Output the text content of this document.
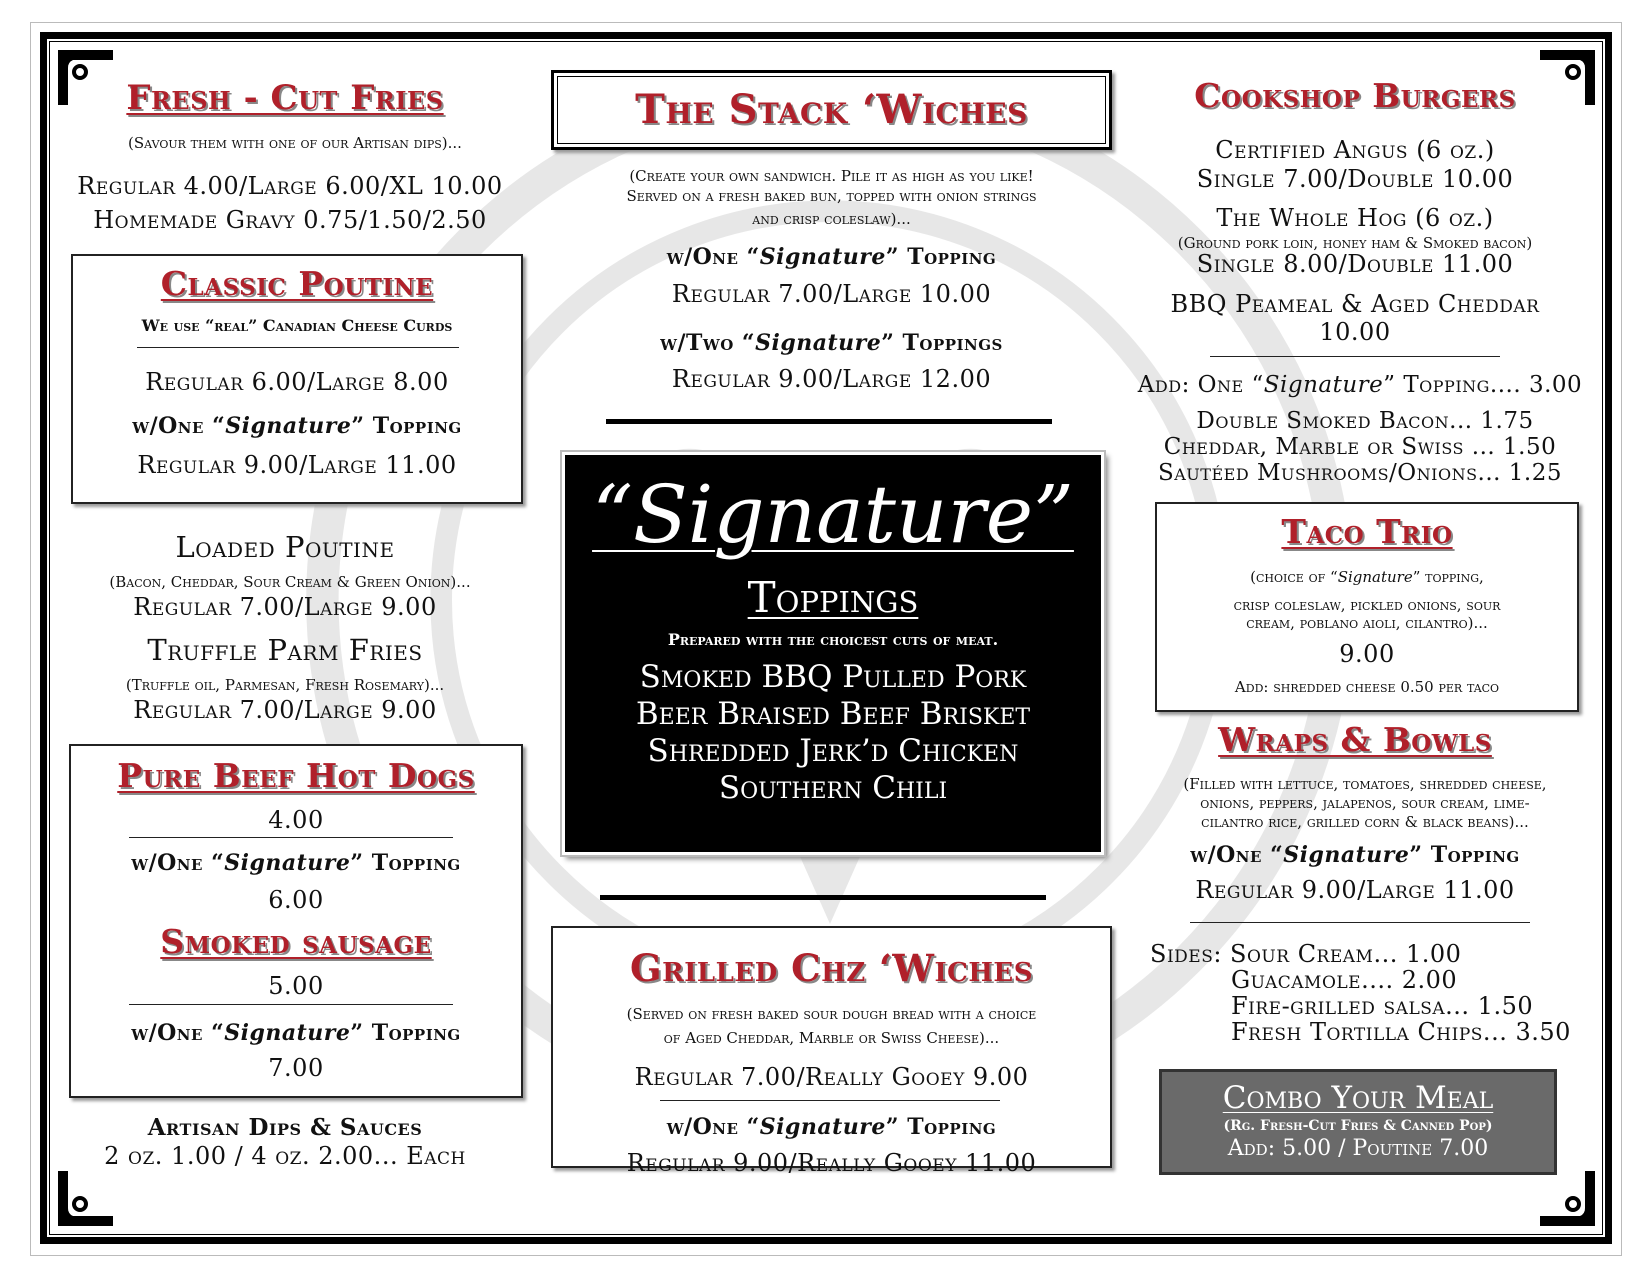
Fresh - Cut Fries
(Savour them with one of our Artisan dips)...
Regular 4.00/Large 6.00/XL 10.00
Homemade Gravy 0.75/1.50/2.50
Classic Poutine
We use “real” Canadian Cheese Curds
Regular 6.00/Large 8.00
w/One “Signature” Topping
Regular 9.00/Large 11.00
Loaded Poutine
(Bacon, Cheddar, Sour Cream & Green Onion)...
Regular 7.00/Large 9.00
Truffle Parm Fries
(Truffle oil, Parmesan, Fresh Rosemary)...
Regular 7.00/Large 9.00
Pure Beef Hot Dogs
4.00
w/One “Signature” Topping
6.00
Smoked sausage
5.00
w/One “Signature” Topping
7.00
Artisan Dips & Sauces
2 oz. 1.00 / 4 oz. 2.00... Each
The Stack ‘Wiches
(Create your own sandwich. Pile it as high as you like!
Served on a fresh baked bun, topped with onion strings
and crisp coleslaw)...
w/One “Signature” Topping
Regular 7.00/Large 10.00
w/Two “Signature” Toppings
Regular 9.00/Large 12.00
“Signature”
Toppings
Prepared with the choicest cuts of meat.
Smoked BBQ Pulled Pork
Beer Braised Beef Brisket
Shredded Jerk’d Chicken
Southern Chili
Grilled Chz ‘Wiches
(Served on fresh baked sour dough bread with a choice
of Aged Cheddar, Marble or Swiss Cheese)...
Regular 7.00/Really Gooey 9.00
w/One “Signature” Topping
Regular 9.00/Really Gooey 11.00
Cookshop Burgers
Certified Angus (6 oz.)
Single 7.00/Double 10.00
The Whole Hog (6 oz.)
(Ground pork loin, honey ham & Smoked bacon)
Single 8.00/Double 11.00
BBQ Peameal & Aged Cheddar
10.00
Add: One “Signature” Topping.... 3.00
Double Smoked Bacon... 1.75
Cheddar, Marble or Swiss ... 1.50
Sautéed Mushrooms/Onions... 1.25
Taco Trio
(choice of “Signature” topping,
crisp coleslaw, pickled onions, sour
cream, poblano aioli, cilantro)...
9.00
Add: shredded cheese 0.50 per taco
Wraps & Bowls
(Filled with lettuce, tomatoes, shredded cheese,
onions, peppers, jalapenos, sour cream, lime-
cilantro rice, grilled corn & black beans)...
w/One “Signature” Topping
Regular 9.00/Large 11.00
Sides: Sour Cream... 1.00
Guacamole.... 2.00
Fire-grilled salsa... 1.50
Fresh Tortilla Chips... 3.50
Combo Your Meal
(Rg. Fresh-Cut Fries & Canned Pop)
Add: 5.00 / Poutine 7.00
